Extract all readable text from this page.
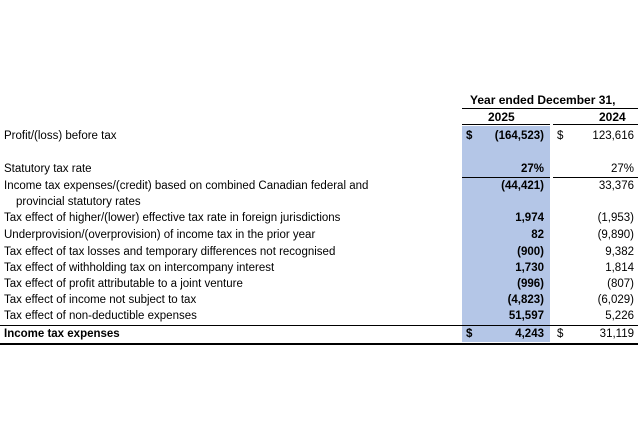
Year ended December 31,
2025	2024
Profit/(loss) before tax	$ (164,523) $	123,616
Statutory tax rate	27%	27%
Income tax expenses/(credit) based on combined Canadian federal and
provincial statutory rates
(44,421)	33,376
Tax effect of higher/(lower) effective tax rate in foreign jurisdictions	1,974	(1,953)
Underprovision/(overprovision) of income tax in the prior year	82	(9,890)
Tax effect of tax losses and temporary differences not recognised	(900)	9,382
Tax effect of withholding tax on intercompany interest	1,730	1,814
Tax effect of profit attributable to a joint venture	(996)	(807)
Tax effect of income not subject to tax	(4,823)	(6,029)
Tax effect of non-deductible expenses	51,597	5,226
Income tax expenses	$	4,243 $	31,119
